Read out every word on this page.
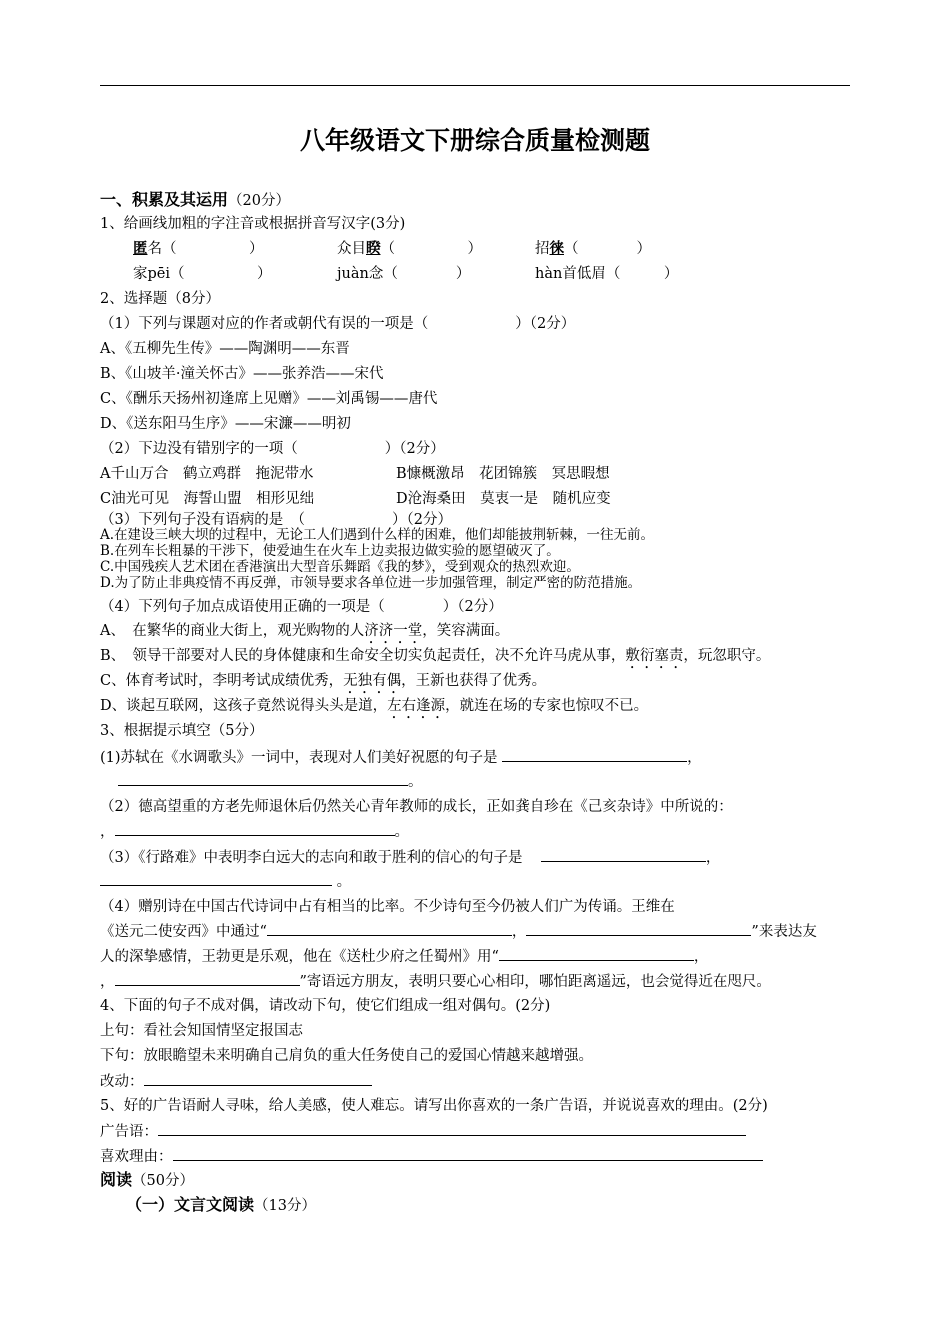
八年级语文下册综合质量检测题
一、积累及其运用（20分）
1、给画线加粗的字注音或根据拼音写汉字(3分)
匿名（　　　　　）	众目睽（　　　　　）	招徕（　　　　）
家pēi（　　　　　）	juàn念（　　　　）	hàn首低眉（　　　）
2、选择题（8分）
（1）下列与课题对应的作者或朝代有误的一项是（　　　　　　）（2分）
A、《五柳先生传》——陶渊明——东晋
B、《山坡羊·潼关怀古》——张养浩——宋代
C、《酬乐天扬州初逢席上见赠》——刘禹锡——唐代
D、《送东阳马生序》——宋濂——明初
（2）下边没有错别字的一项（　　　　　　）（2分）
A千山万合　鹤立鸡群　拖泥带水	B慷概激昂　花团锦簇　冥思暇想
C油光可见　海誓山盟　相形见绌	D沧海桑田　莫衷一是　随机应变
（3）下列句子没有语病的是　（　　　　　　）（2分）
A.在建设三峡大坝的过程中，无论工人们遇到什么样的困难，他们却能披荆斩棘，一往无前。
B.在列车长粗暴的干涉下，使爱迪生在火车上边卖报边做实验的愿望破灭了。
C.中国残疾人艺术团在香港演出大型音乐舞蹈《我的梦》，受到观众的热烈欢迎。
D.为了防止非典疫情不再反弹，市领导要求各单位进一步加强管理，制定严密的防范措施。
（4）下列句子加点成语使用正确的一项是（　　　　）（2分）
A、　在繁华的商业大街上，观光购物的人济济一堂，笑容满面。
B、　领导干部要对人民的身体健康和生命安全切实负起责任，决不允许马虎从事，敷衍塞责，玩忽职守。
C、体育考试时，李明考试成绩优秀，无独有偶，王新也获得了优秀。
D、谈起互联网，这孩子竟然说得头头是道，左右逢源，就连在场的专家也惊叹不已。
3、根据提示填空（5分）
(1)苏轼在《水调歌头》一词中，表现对人们美好祝愿的句子是	，
。
（2）德高望重的方老先师退休后仍然关心青年教师的成长，正如龚自珍在《己亥杂诗》中所说的：
，	。
（3）《行路难》中表明李白远大的志向和敢于胜利的信心的句子是	，
。
（4）赠别诗在中国古代诗词中占有相当的比率。不少诗句至今仍被人们广为传诵。王维在
《送元二使安西》中通过“	，	”来表达友
人的深挚感情，王勃更是乐观，他在《送杜少府之任蜀州》用“	，
，	”寄语远方朋友，表明只要心心相印，哪怕距离遥远，也会觉得近在咫尺。
4、下面的句子不成对偶，请改动下句，使它们组成一组对偶句。(2分)
上句：看社会知国情坚定报国志
下句：放眼瞻望未来明确自己肩负的重大任务使自己的爱国心情越来越增强。
改动：
5、好的广告语耐人寻味，给人美感，使人难忘。请写出你喜欢的一条广告语，并说说喜欢的理由。(2分)
广告语：
喜欢理由：
阅读（50分）
（一）文言文阅读（13分）
